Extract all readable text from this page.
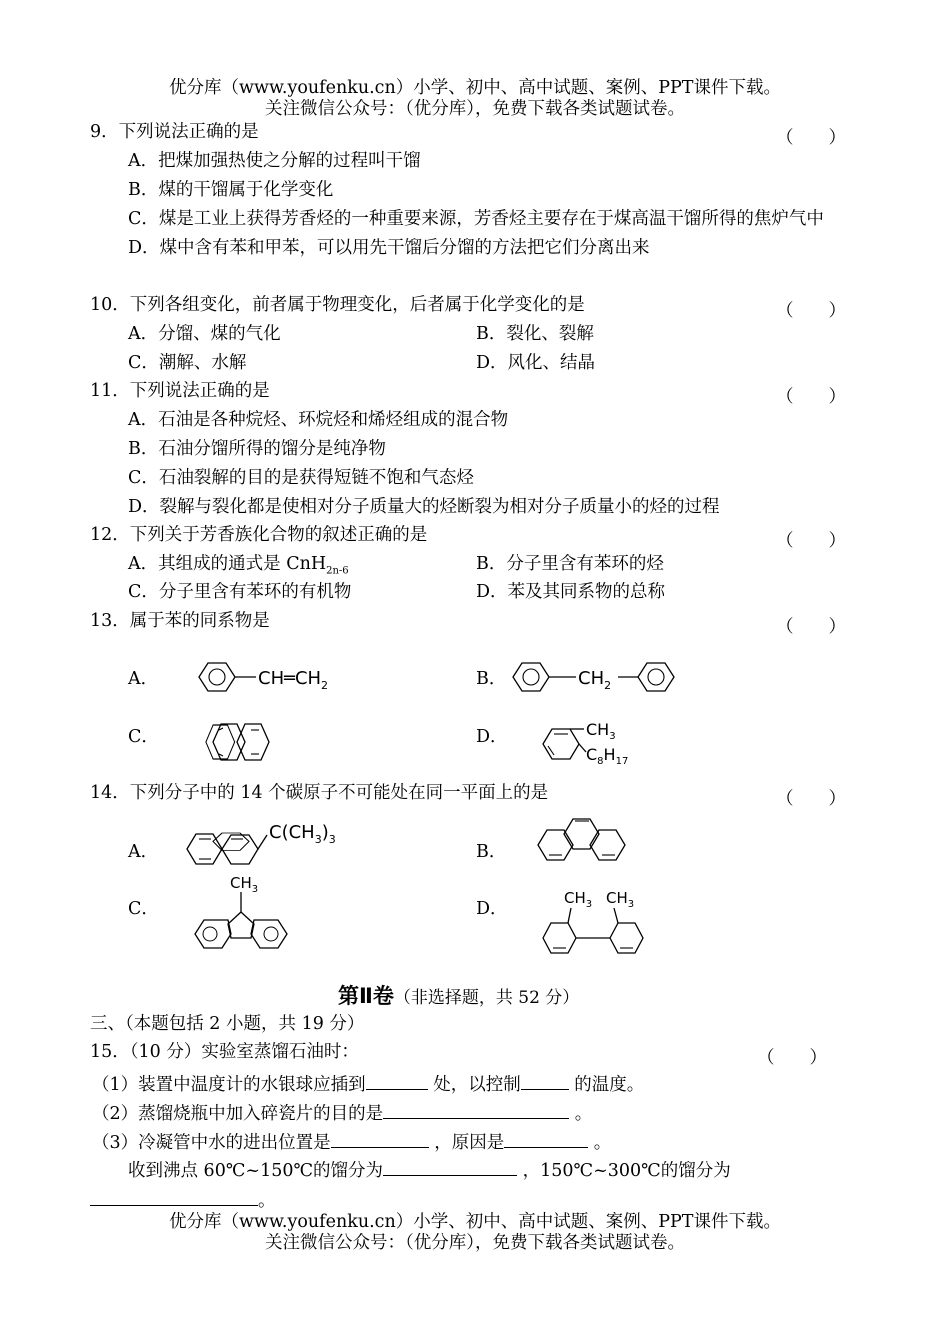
优分库（www.youfenku.cn）小学、初中、高中试题、案例、PPT课件下载。
关注微信公众号：（优分库），免费下载各类试题试卷。
9．下列说法正确的是	（　　）
A．把煤加强热使之分解的过程叫干馏
B．煤的干馏属于化学变化
C．煤是工业上获得芳香烃的一种重要来源，芳香烃主要存在于煤高温干馏所得的焦炉气中
D．煤中含有苯和甲苯，可以用先干馏后分馏的方法把它们分离出来
10．下列各组变化，前者属于物理变化，后者属于化学变化的是	（　　）
A．分馏、煤的气化	B．裂化、裂解
C．潮解、水解	D．风化、结晶
11．下列说法正确的是	（　　）
A．石油是各种烷烃、环烷烃和烯烃组成的混合物
B．石油分馏所得的馏分是纯净物
C．石油裂解的目的是获得短链不饱和气态烃
D．裂解与裂化都是使相对分子质量大的烃断裂为相对分子质量小的烃的过程
12．下列关于芳香族化合物的叙述正确的是	（　　）
A．其组成的通式是 CnH$_{2n-6}$	B．分子里含有苯环的烃
C．分子里含有苯环的有机物	D．苯及其同系物的总称
13．属于苯的同系物是	（　　）
A．	$CH═CH_2$	B．	$CH_2$
C．	D．	$CH_3$
$C_8H_{17}$
14．下列分子中的 14 个碳原子不可能处在同一平面上的是	（　　）
A．
$C(CH_3)_3$
B．
C．
$CH_3$
D．
$CH_3$ $CH_3$
第Ⅱ卷（非选择题，共 52 分）
三、（本题包括 2 小题，共 19 分）
15．（10 分）实验室蒸馏石油时：	（　　）
（1）装置中温度计的水银球应插到	处，以控制	的温度。
（2）蒸馏烧瓶中加入碎瓷片的目的是	。
（3）冷凝管中水的进出位置是	，原因是	。
收到沸点 60℃~150℃的馏分为	，150℃~300℃的馏分为
。
优分库（www.youfenku.cn）小学、初中、高中试题、案例、PPT课件下载。
关注微信公众号：（优分库），免费下载各类试题试卷。
